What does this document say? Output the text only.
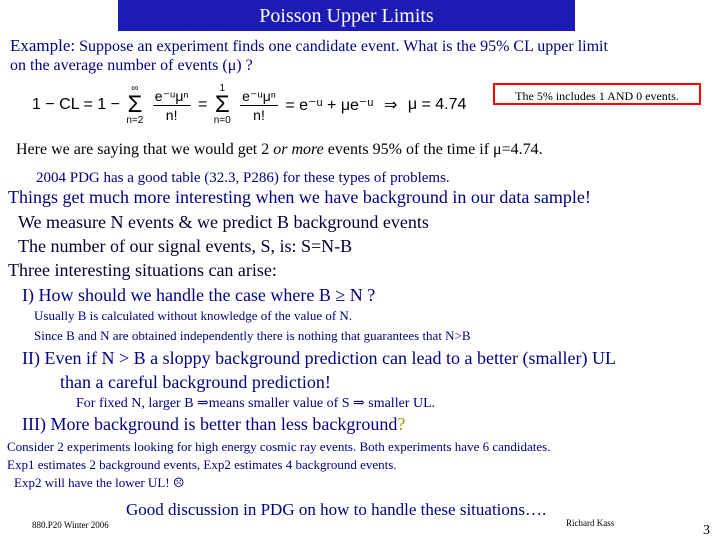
Poisson Upper Limits
Example: Suppose an experiment finds one candidate event. What is the 95% CL upper limit
on the average number of events (μ) ?
1 − CL = 1 −
∞
Σ
n=2
$\frac{\text{e⁻ᵘμⁿ}}{n!}$ =
1
Σ
n=0
$\frac{\text{e⁻ᵘμⁿ}}{n!}$ = e⁻ᵘ + μe⁻ᵘ ⇒ μ = 4.74	The 5% includes 1 AND 0 events.
Here we are saying that we would get 2 or more events 95% of the time if μ=4.74.
2004 PDG has a good table (32.3, P286) for these types of problems.
Things get much more interesting when we have background in our data sample!
We measure N events & we predict B background events
The number of our signal events, S, is: S=N-B
Three interesting situations can arise:
I) How should we handle the case where B ≥ N ?
Usually B is calculated without knowledge of the value of N.
Since B and N are obtained independently there is nothing that guarantees that N>B
II) Even if N > B a sloppy background prediction can lead to a better (smaller) UL
than a careful background prediction!
For fixed N, larger B ⇒means smaller value of S ⇒ smaller UL.
III) More background is better than less background?
Consider 2 experiments looking for high energy cosmic ray events. Both experiments have 6 candidates.
Exp1 estimates 2 background events, Exp2 estimates 4 background events.
Exp2 will have the lower UL! ☹
Good discussion in PDG on how to handle these situations….
880.P20 Winter 2006	Richard Kass	3
